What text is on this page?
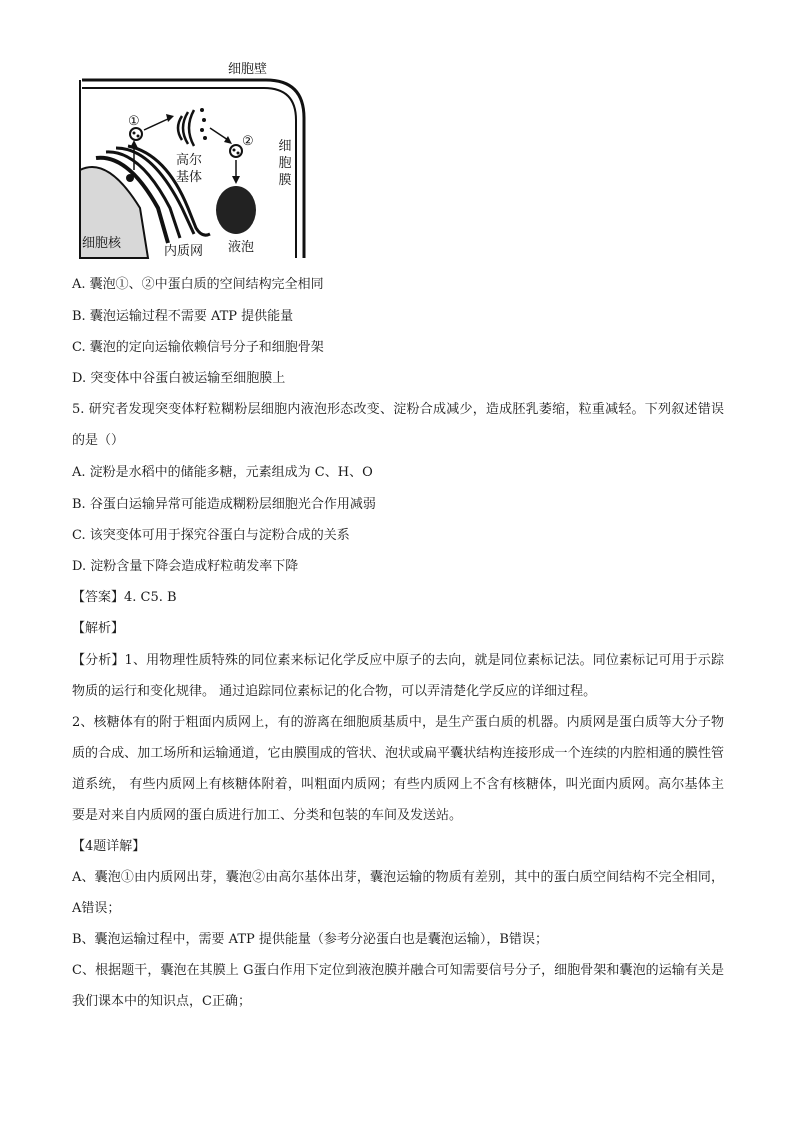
细胞壁
细胞膜
高尔基体
细胞核
内质网 液泡
①
②
A. 囊泡①、②中蛋白质的空间结构完全相同
B. 囊泡运输过程不需要 ATP 提供能量
C. 囊泡的定向运输依赖信号分子和细胞骨架
D. 突变体中谷蛋白被运输至细胞膜上
5. 研究者发现突变体籽粒糊粉层细胞内液泡形态改变、淀粉合成减少，造成胚乳萎缩，粒重减轻。下列叙述错误的是（）
A. 淀粉是水稻中的储能多糖，元素组成为 C、H、O
B. 谷蛋白运输异常可能造成糊粉层细胞光合作用减弱
C. 该突变体可用于探究谷蛋白与淀粉合成的关系
D. 淀粉含量下降会造成籽粒萌发率下降
【答案】4. C5. B
【解析】
【分析】1、用物理性质特殊的同位素来标记化学反应中原子的去向，就是同位素标记法。同位素标记可用于示踪物质的运行和变化规律。 通过追踪同位素标记的化合物，可以弄清楚化学反应的详细过程。
2、核糖体有的附于粗面内质网上，有的游离在细胞质基质中，是生产蛋白质的机器。内质网是蛋白质等大分子物质的合成、加工场所和运输通道，它由膜围成的管状、泡状或扁平囊状结构连接形成一个连续的内腔相通的膜性管道系统， 有些内质网上有核糖体附着，叫粗面内质网；有些内质网上不含有核糖体，叫光面内质网。高尔基体主要是对来自内质网的蛋白质进行加工、分类和包装的车间及发送站。
【4题详解】
A、囊泡①由内质网出芽，囊泡②由高尔基体出芽，囊泡运输的物质有差别，其中的蛋白质空间结构不完全相同，A错误；
B、囊泡运输过程中，需要 ATP 提供能量（参考分泌蛋白也是囊泡运输），B错误；
C、根据题干，囊泡在其膜上 G蛋白作用下定位到液泡膜并融合可知需要信号分子，细胞骨架和囊泡的运输有关是我们课本中的知识点，C正确；
